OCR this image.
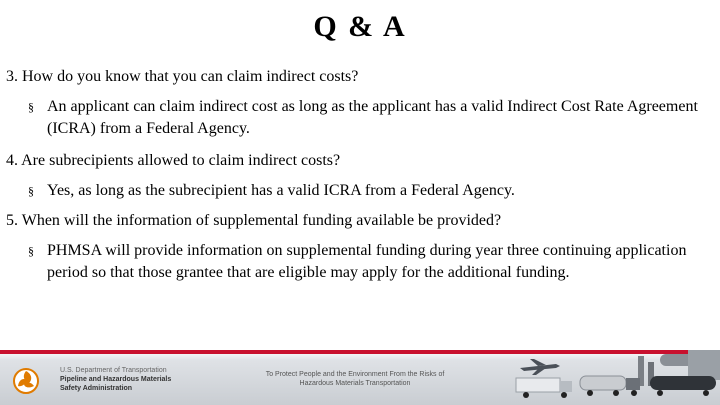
Q & A

3. How do you know that you can claim indirect costs?

§ An applicant can claim indirect cost as long as the applicant has a valid Indirect Cost Rate Agreement (ICRA) from a Federal Agency.

4. Are subrecipients allowed to claim indirect costs?

§ Yes, as long as the subrecipient has a valid ICRA from a Federal Agency.

5. When will the information of supplemental funding available be provided?

§ PHMSA will provide information on supplemental funding during year three continuing application period so that those grantee that are eligible may apply for the additional funding.
U.S. Department of Transportation
Pipeline and Hazardous Materials
Safety Administration
To Protect People and the Environment From the Risks of
Hazardous Materials Transportation
